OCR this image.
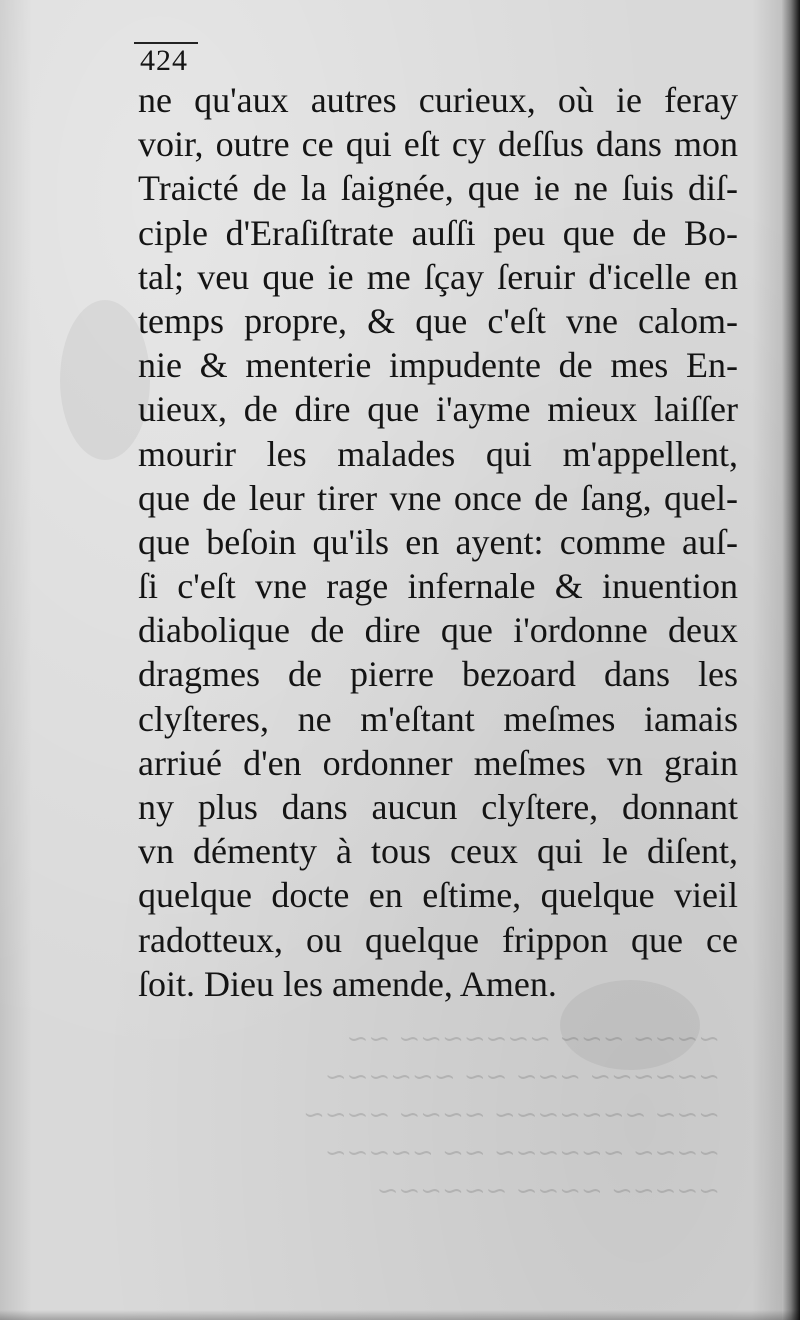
~~~~ ~~~ ~~~~~~~ ~~
~~~~~~ ~~~ ~~ ~~~~~~
~~~ ~~~~~~~ ~~~~ ~~~~
~~~~ ~~~~~~ ~~ ~~~~~
~~~~~ ~~~~ ~~~~~~
424
ne qu'aux autres curieux, où ie feray
voir, outre ce qui eſt cy deſſus dans mon
Traicté de la ſaignée, que ie ne ſuis diſ-
ciple d'Eraſiſtrate auſſi peu que de Bo-
tal; veu que ie me ſçay ſeruir d'icelle en
temps propre, & que c'eſt vne calom-
nie & menterie impudente de mes En-
uieux, de dire que i'ayme mieux laiſſer
mourir les malades qui m'appellent,
que de leur tirer vne once de ſang, quel-
que beſoin qu'ils en ayent: comme auſ-
ſi c'eſt vne rage infernale & inuention
diabolique de dire que i'ordonne deux
dragmes de pierre bezoard dans les
clyſteres, ne m'eſtant meſmes iamais
arriué d'en ordonner meſmes vn grain
ny plus dans aucun clyſtere, donnant
vn démenty à tous ceux qui le diſent,
quelque docte en eſtime, quelque vieil
radotteux, ou quelque frippon que ce
ſoit. Dieu les amende, Amen.
